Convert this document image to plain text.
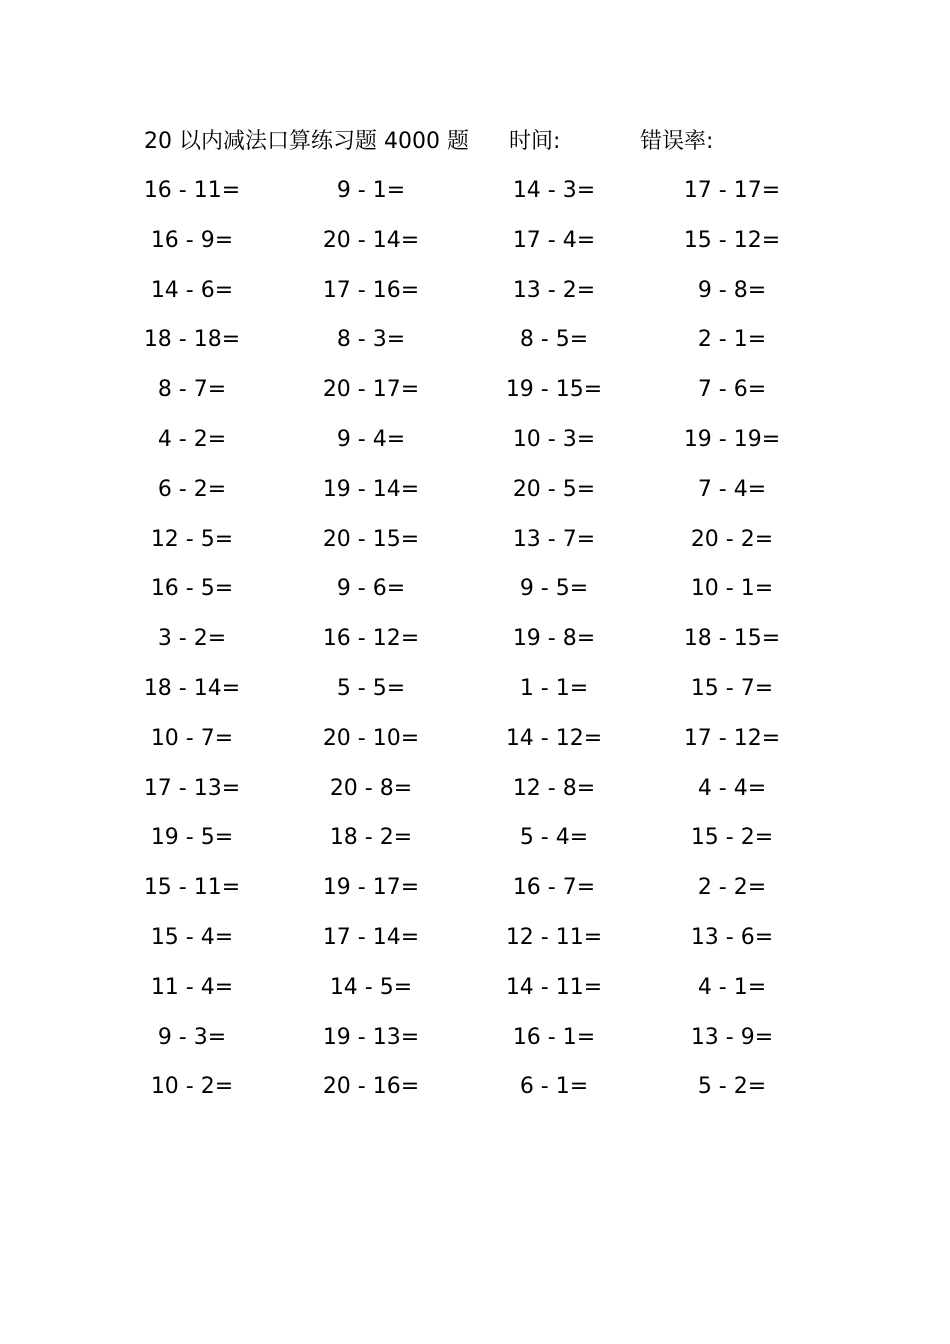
20 以内减法口算练习题 4000 题 时间:	错误率:
16 - 11=	9 - 1=	14 - 3=	17 - 17=
16 - 9=	20 - 14=	17 - 4=	15 - 12=
14 - 6=	17 - 16=	13 - 2=	9 - 8=
18 - 18=	8 - 3=	8 - 5=	2 - 1=
8 - 7=	20 - 17=	19 - 15=	7 - 6=
4 - 2=	9 - 4=	10 - 3=	19 - 19=
6 - 2=	19 - 14=	20 - 5=	7 - 4=
12 - 5=	20 - 15=	13 - 7=	20 - 2=
16 - 5=	9 - 6=	9 - 5=	10 - 1=
3 - 2=	16 - 12=	19 - 8=	18 - 15=
18 - 14=	5 - 5=	1 - 1=	15 - 7=
10 - 7=	20 - 10=	14 - 12=	17 - 12=
17 - 13=	20 - 8=	12 - 8=	4 - 4=
19 - 5=	18 - 2=	5 - 4=	15 - 2=
15 - 11=	19 - 17=	16 - 7=	2 - 2=
15 - 4=	17 - 14=	12 - 11=	13 - 6=
11 - 4=	14 - 5=	14 - 11=	4 - 1=
9 - 3=	19 - 13=	16 - 1=	13 - 9=
10 - 2=	20 - 16=	6 - 1=	5 - 2=
